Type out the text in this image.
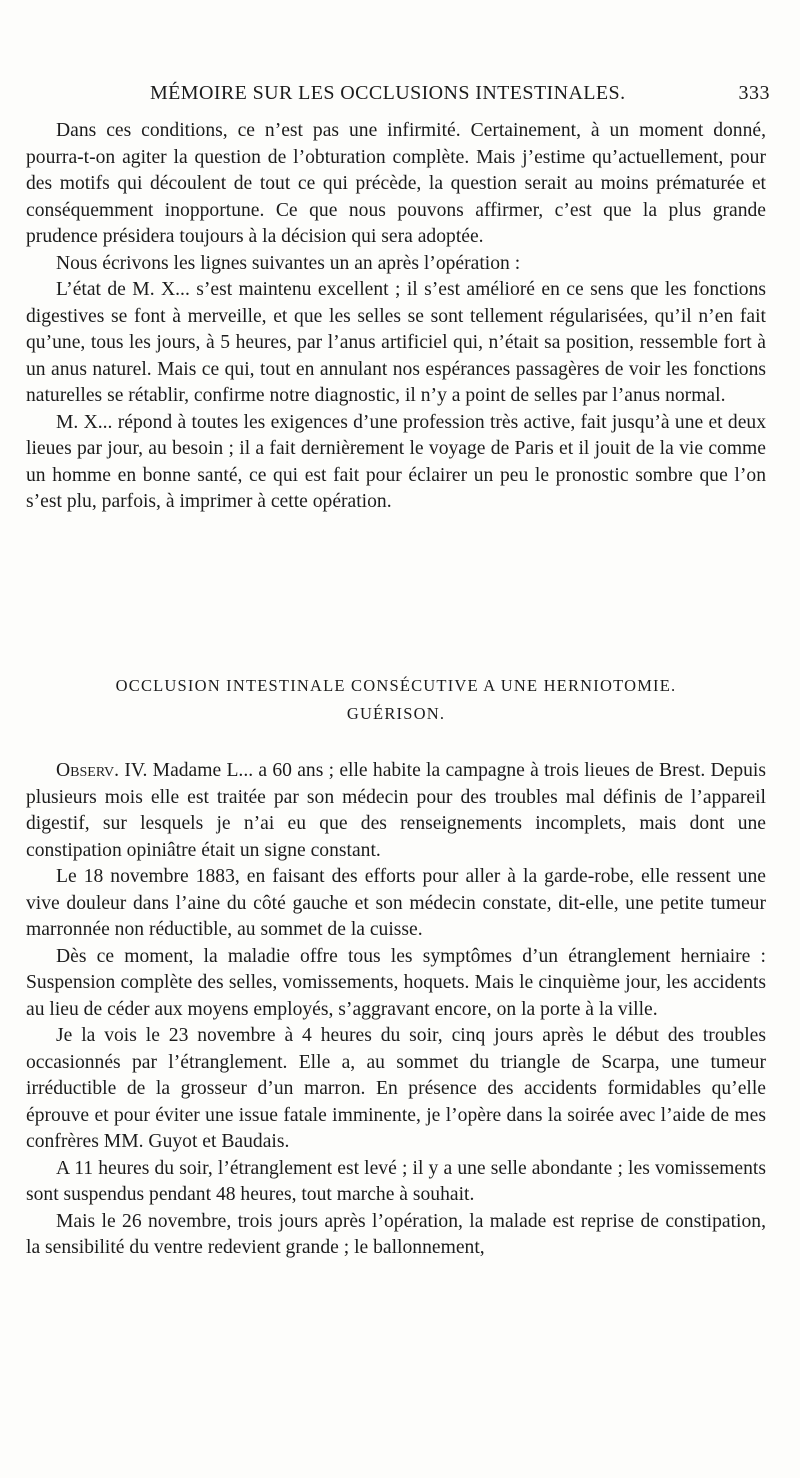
MÉMOIRE SUR LES OCCLUSIONS INTESTINALES.	333

Dans ces conditions, ce n’est pas une infirmité. Certainement, à un moment donné, pourra-t-on agiter la question de l’obturation complète. Mais j’estime qu’actuellement, pour des motifs qui découlent de tout ce qui précède, la question serait au moins prématurée et conséquemment inopportune. Ce que nous pouvons affirmer, c’est que la plus grande prudence présidera toujours à la décision qui sera adoptée.

Nous écrivons les lignes suivantes un an après l’opération :

L’état de M. X... s’est maintenu excellent ; il s’est amélioré en ce sens que les fonctions digestives se font à merveille, et que les selles se sont tellement régularisées, qu’il n’en fait qu’une, tous les jours, à 5 heures, par l’anus artificiel qui, n’était sa position, ressemble fort à un anus naturel. Mais ce qui, tout en annulant nos espérances passagères de voir les fonctions naturelles se rétablir, confirme notre diagnostic, il n’y a point de selles par l’anus normal.

M. X... répond à toutes les exigences d’une profession très active, fait jusqu’à une et deux lieues par jour, au besoin ; il a fait dernièrement le voyage de Paris et il jouit de la vie comme un homme en bonne santé, ce qui est fait pour éclairer un peu le pronostic sombre que l’on s’est plu, parfois, à imprimer à cette opération.

OCCLUSION INTESTINALE CONSÉCUTIVE A UNE HERNIOTOMIE.
GUÉRISON.

Observ. IV. Madame L... a 60 ans ; elle habite la campagne à trois lieues de Brest. Depuis plusieurs mois elle est traitée par son médecin pour des troubles mal définis de l’appareil digestif, sur lesquels je n’ai eu que des renseignements incomplets, mais dont une constipation opiniâtre était un signe constant.

Le 18 novembre 1883, en faisant des efforts pour aller à la garde-robe, elle ressent une vive douleur dans l’aine du côté gauche et son médecin constate, dit-elle, une petite tumeur marronnée non réductible, au sommet de la cuisse.

Dès ce moment, la maladie offre tous les symptômes d’un étranglement herniaire : Suspension complète des selles, vomissements, hoquets. Mais le cinquième jour, les accidents au lieu de céder aux moyens employés, s’aggravant encore, on la porte à la ville.

Je la vois le 23 novembre à 4 heures du soir, cinq jours après le début des troubles occasionnés par l’étranglement. Elle a, au sommet du triangle de Scarpa, une tumeur irréductible de la grosseur d’un marron. En présence des accidents formidables qu’elle éprouve et pour éviter une issue fatale imminente, je l’opère dans la soirée avec l’aide de mes confrères MM. Guyot et Baudais.

A 11 heures du soir, l’étranglement est levé ; il y a une selle abondante ; les vomissements sont suspendus pendant 48 heures, tout marche à souhait.

Mais le 26 novembre, trois jours après l’opération, la malade est reprise de constipation, la sensibilité du ventre redevient grande ; le ballonnement,
